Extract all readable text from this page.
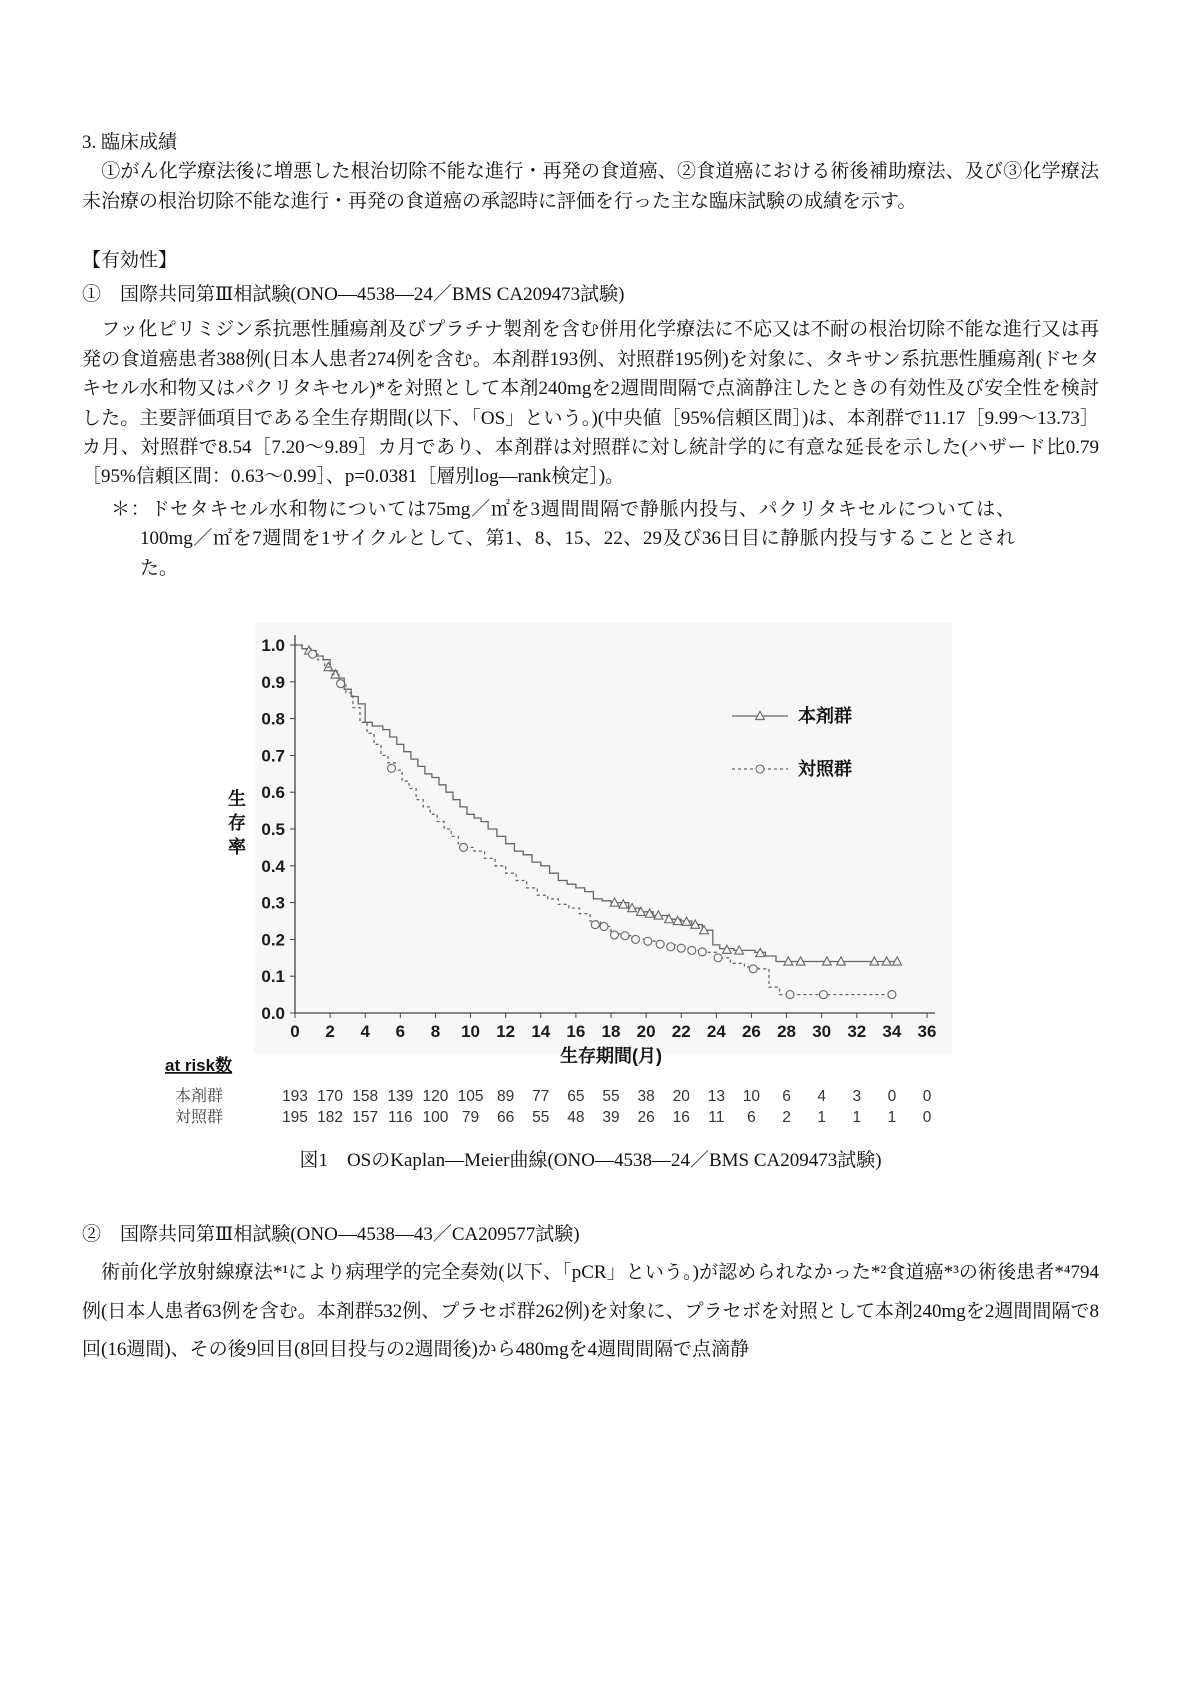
3. 臨床成績

　①がん化学療法後に増悪した根治切除不能な進行・再発の食道癌、②食道癌における術後補助療法、及び③化学療法未治療の根治切除不能な進行・再発の食道癌の承認時に評価を行った主な臨床試験の成績を示す。

【有効性】

①　国際共同第Ⅲ相試験(ONO—4538—24／BMS CA209473試験)

　フッ化ピリミジン系抗悪性腫瘍剤及びプラチナ製剤を含む併用化学療法に不応又は不耐の根治切除不能な進行又は再発の食道癌患者388例(日本人患者274例を含む。本剤群193例、対照群195例)を対象に、タキサン系抗悪性腫瘍剤(ドセタキセル水和物又はパクリタキセル)*を対照として本剤240mgを2週間間隔で点滴静注したときの有効性及び安全性を検討した。主要評価項目である全生存期間(以下、「OS」という。)(中央値［95%信頼区間］)は、本剤群で11.17［9.99〜13.73］カ月、対照群で8.54［7.20〜9.89］カ月であり、本剤群は対照群に対し統計学的に有意な延長を示した(ハザード比0.79［95%信頼区間：0.63〜0.99］、p=0.0381［層別log—rank検定］)。

＊：ドセタキセル水和物については75mg／㎡を3週間間隔で静脈内投与、パクリタキセルについては、100mg／㎡を7週間を1サイクルとして、第1、8、15、22、29及び36日目に静脈内投与することとされた。

0.0
0.1
0.2
0.3
0.4
0.5
0.6
0.7
0.8
0.9
1.0
0 2 4 6 8 10 12 14 16 18 20 22 24 26 28 30 32 34 36
生存期間(月)
生
存
率
本剤群
対照群
at risk数
本剤群	193 170 158 139 120 105 89 77 65 55 38 20 13 10 6 4 3 0 0
対照群	195 182 157 116 100 79 66 55 48 39 26 16 11 6 2 1 1 1 0
図1　OSのKaplan—Meier曲線(ONO—4538—24／BMS CA209473試験)

②　国際共同第Ⅲ相試験(ONO—4538—43／CA209577試験)

　術前化学放射線療法*¹により病理学的完全奏効(以下、「pCR」という。)が認められなかった*²食道癌*³の術後患者*⁴794例(日本人患者63例を含む。本剤群532例、プラセボ群262例)を対象に、プラセボを対照として本剤240mgを2週間間隔で8回(16週間)、その後9回目(8回目投与の2週間後)から480mgを4週間間隔で点滴静
